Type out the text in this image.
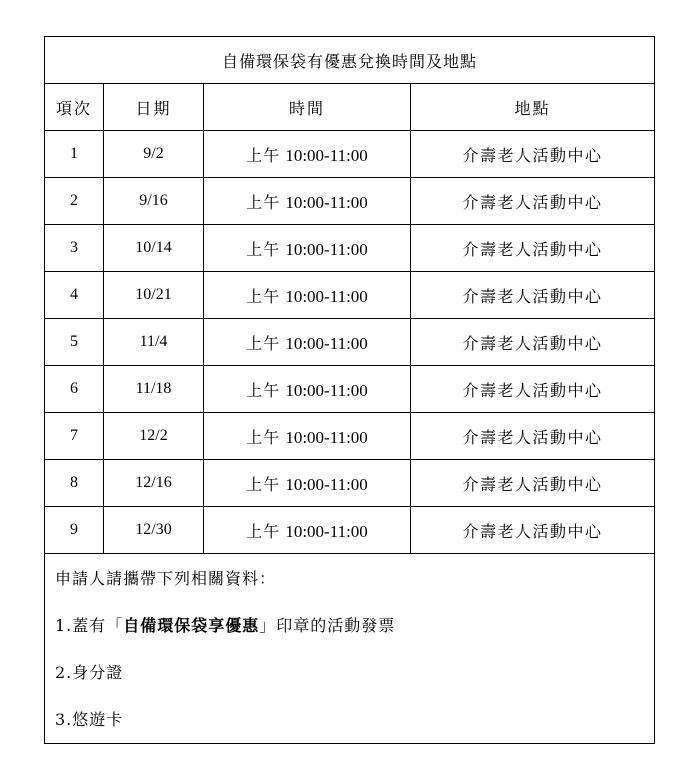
自備環保袋有優惠兌換時間及地點			
項次	日期	時間	地點
1	9/2	上午 10:00-11:00	介壽老人活動中心
2	9/16	上午 10:00-11:00	介壽老人活動中心
3	10/14	上午 10:00-11:00	介壽老人活動中心
4	10/21	上午 10:00-11:00	介壽老人活動中心
5	11/4	上午 10:00-11:00	介壽老人活動中心
6	11/18	上午 10:00-11:00	介壽老人活動中心
7	12/2	上午 10:00-11:00	介壽老人活動中心
8	12/16	上午 10:00-11:00	介壽老人活動中心
9	12/30	上午 10:00-11:00	介壽老人活動中心

申請人請攜帶下列相關資料：
1.蓋有「自備環保袋享優惠」印章的活動發票
2.身分證
3.悠遊卡			
